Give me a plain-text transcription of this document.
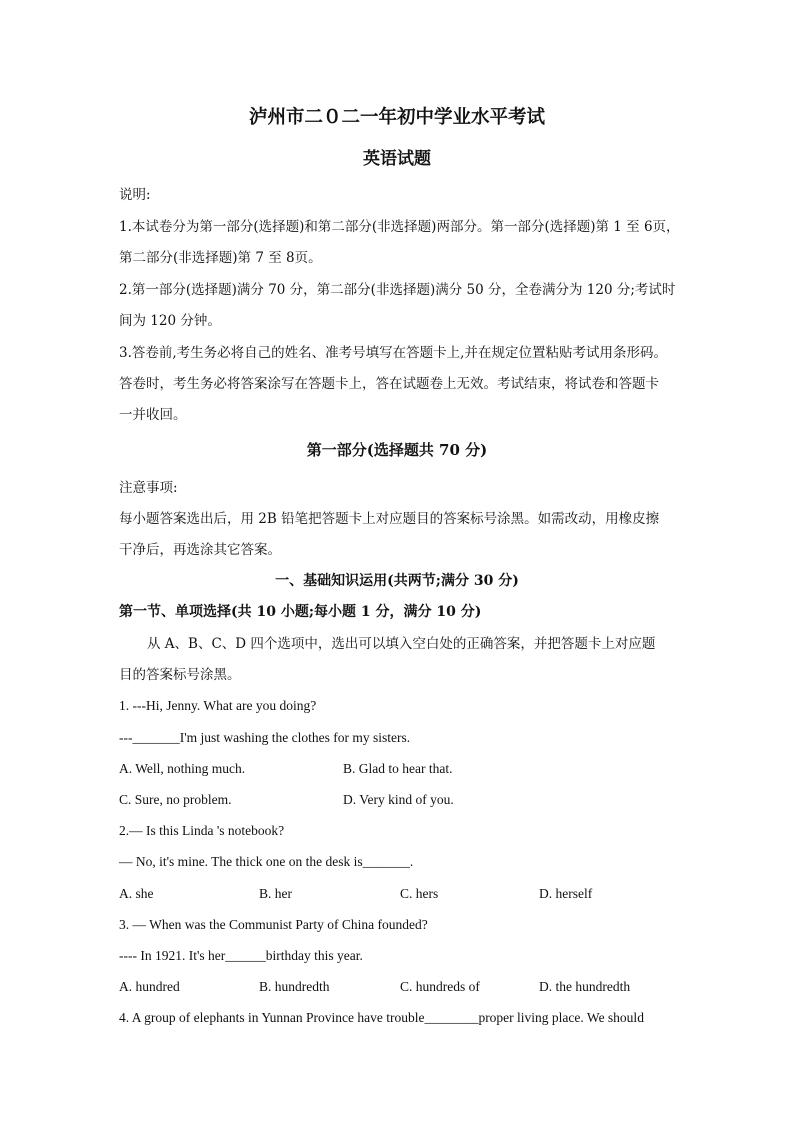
泸州市二０二一年初中学业水平考试
英语试题
说明:
1.本试卷分为第一部分(选择题)和第二部分(非选择题)两部分。第一部分(选择题)第 1 至 6页，
第二部分(非选择题)第 7 至 8页。
2.第一部分(选择题)满分 70 分，第二部分(非选择题)满分 50 分，全卷满分为 120 分;考试时
间为 120 分钟。
3.答卷前,考生务必将自己的姓名、准考号填写在答题卡上,并在规定位置粘贴考试用条形码。
答卷时，考生务必将答案涂写在答题卡上，答在试题卷上无效。考试结束，将试卷和答题卡
一并收回。
第一部分(选择题共 70 分)
注意事项:
每小题答案选出后，用 2B 铅笔把答题卡上对应题目的答案标号涂黑。如需改动，用橡皮擦
干净后，再选涂其它答案。
一、基础知识运用(共两节;满分 30 分)
第一节、单项选择(共 10 小题;每小题 1 分，满分 10 分)
从 A、B、C、D 四个选项中，选出可以填入空白处的正确答案，并把答题卡上对应题
目的答案标号涂黑。
1. ---Hi, Jenny. What are you doing?
---_______I'm just washing the clothes for my sisters.
A. Well, nothing much.	B. Glad to hear that.
C. Sure, no problem.	D. Very kind of you.
2.— Is this Linda 's notebook?
— No, it's mine. The thick one on the desk is_______.
A. she	B. her	C. hers	D. herself
3. — When was the Communist Party of China founded?
---- In 1921. It's her______birthday this year.
A. hundred	B. hundredth	C. hundreds of	D. the hundredth
4. A group of elephants in Yunnan Province have trouble________proper living place. We should
